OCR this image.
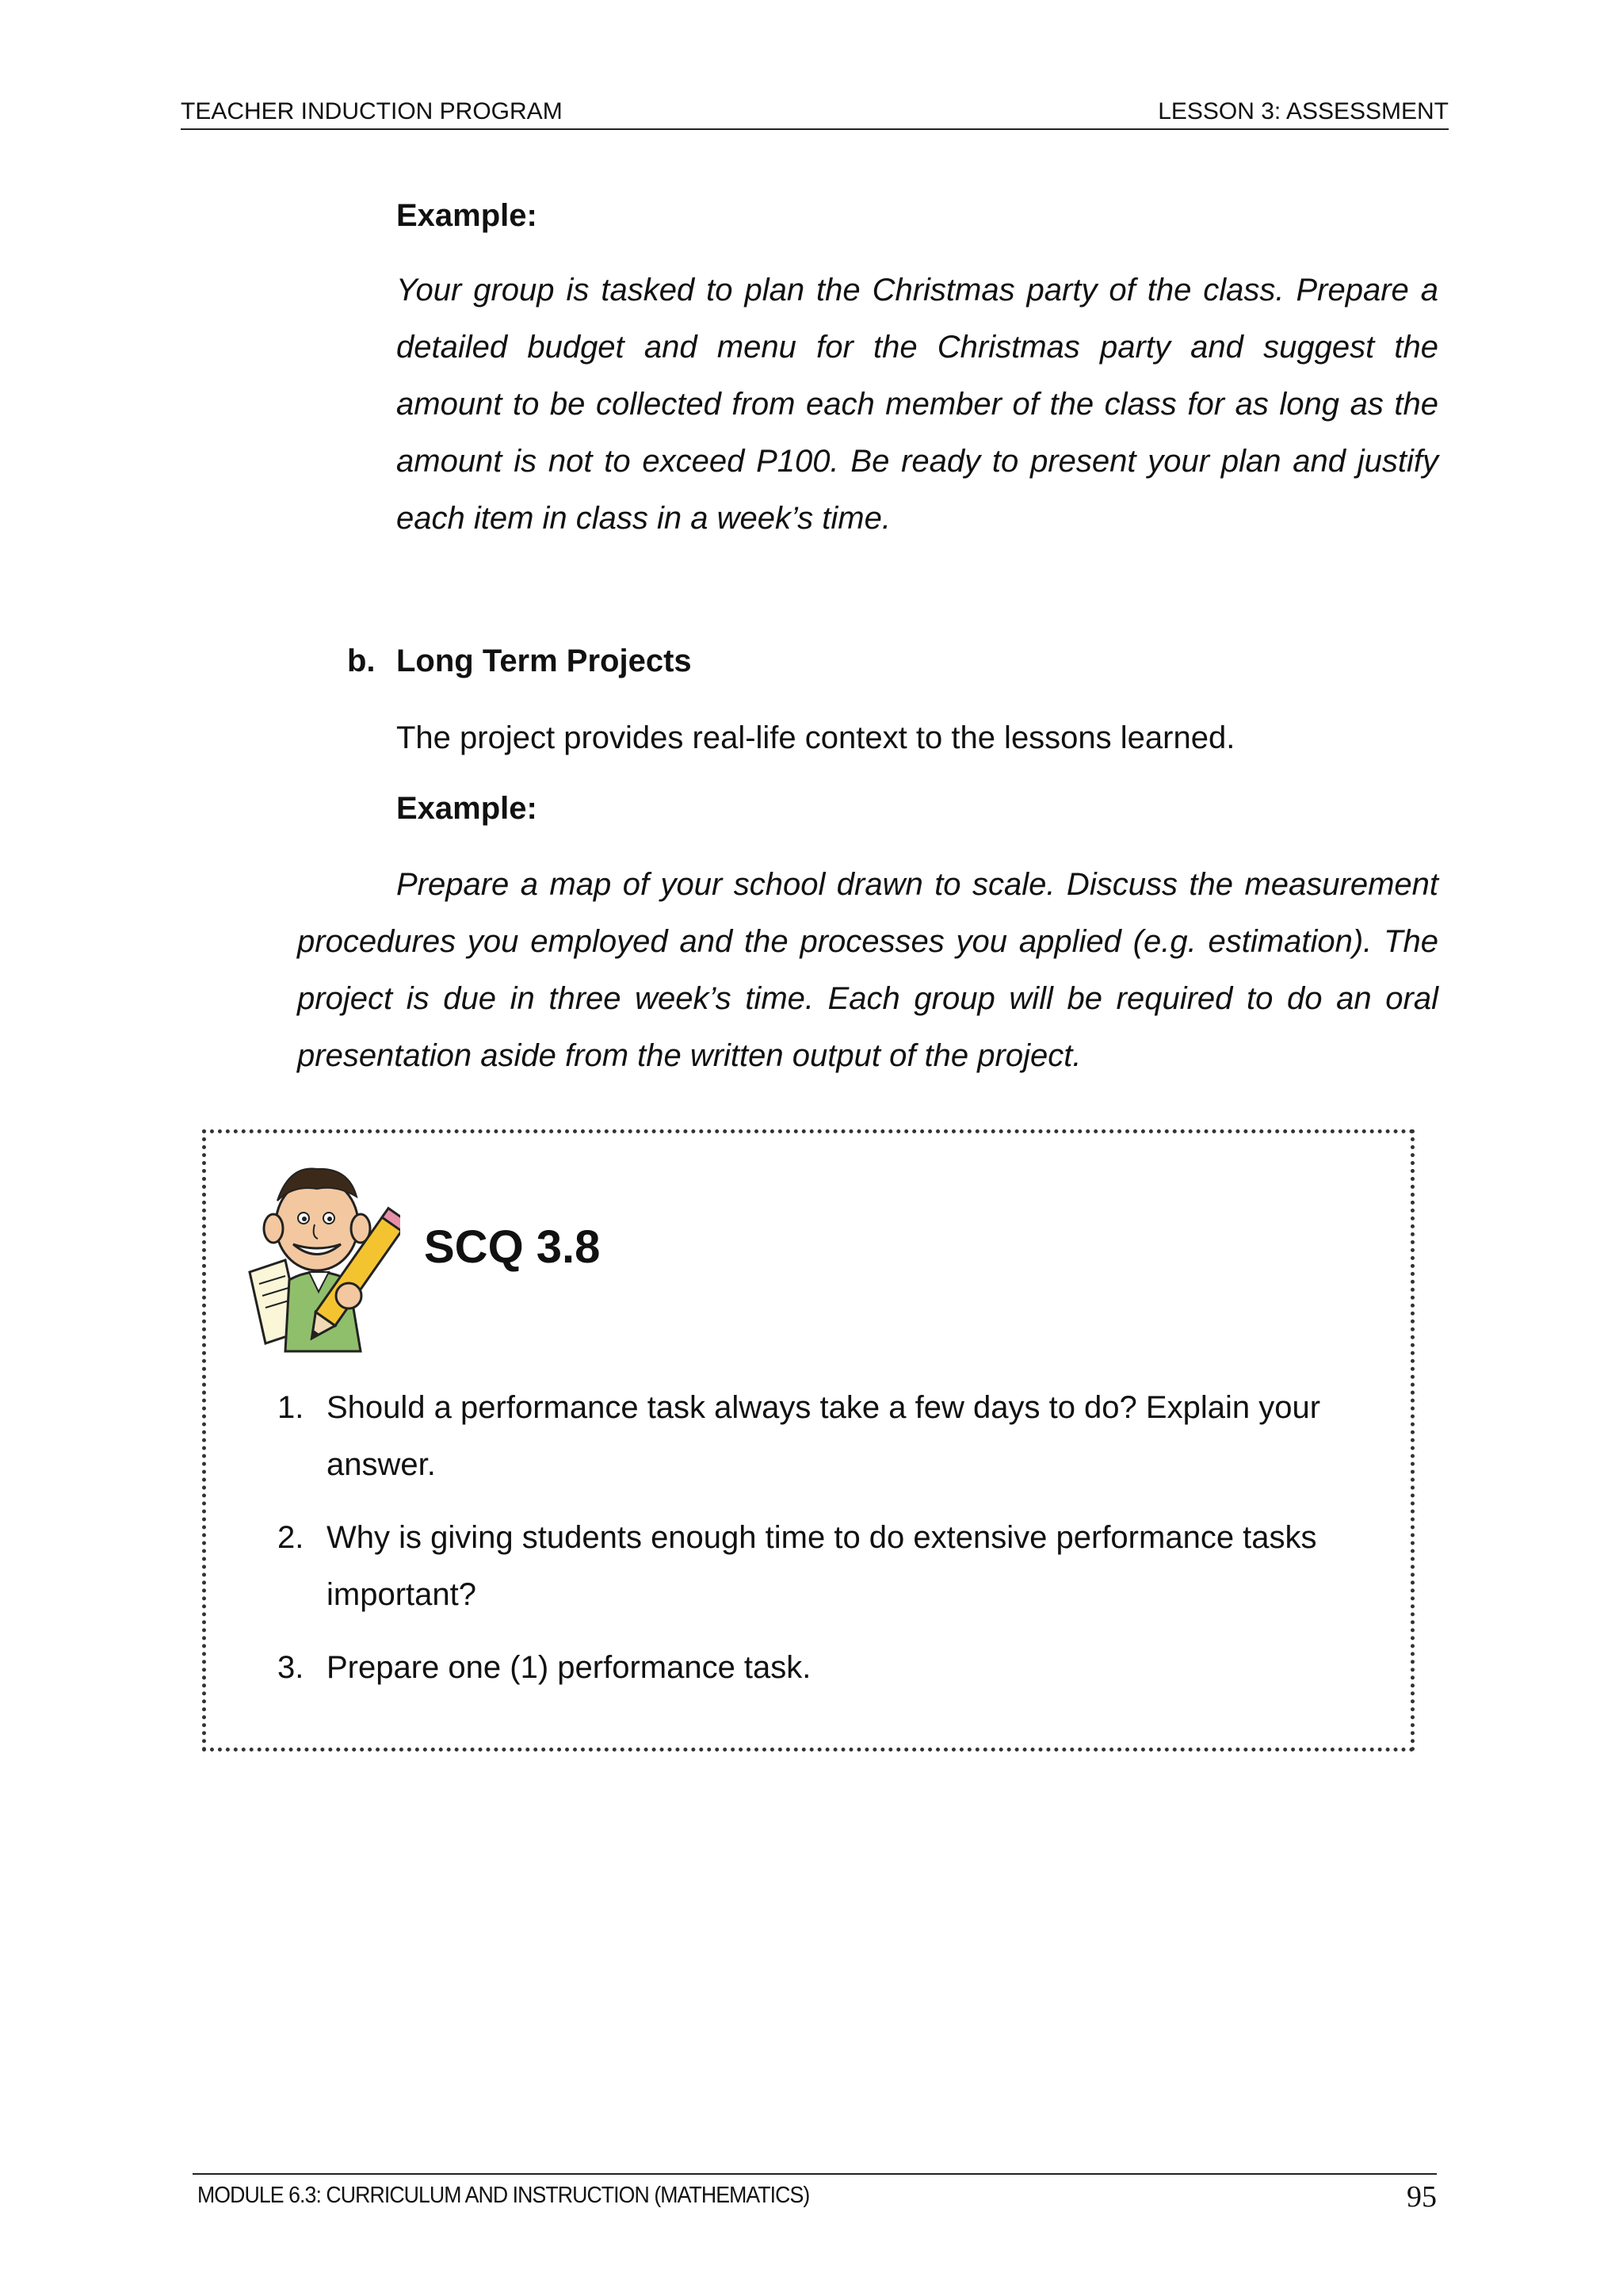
TEACHER INDUCTION PROGRAM	LESSON 3: ASSESSMENT
Example:
Your group is tasked to plan the Christmas party of the class. Prepare a detailed budget and menu for the Christmas party and suggest the amount to be collected from each member of the class for as long as the amount is not to exceed P100. Be ready to present your plan and justify each item in class in a week’s time.
b. Long Term Projects
The project provides real-life context to the lessons learned.
Example:
Prepare a map of your school drawn to scale. Discuss the measurement procedures you employed and the processes you applied (e.g. estimation). The project is due in three week’s time. Each group will be required to do an oral presentation aside from the written output of the project.
SCQ 3.8
1. Should a performance task always take a few days to do? Explain your answer.
2. Why is giving students enough time to do extensive performance tasks important?
3. Prepare one (1) performance task.
MODULE 6.3: CURRICULUM AND INSTRUCTION (MATHEMATICS)	95
